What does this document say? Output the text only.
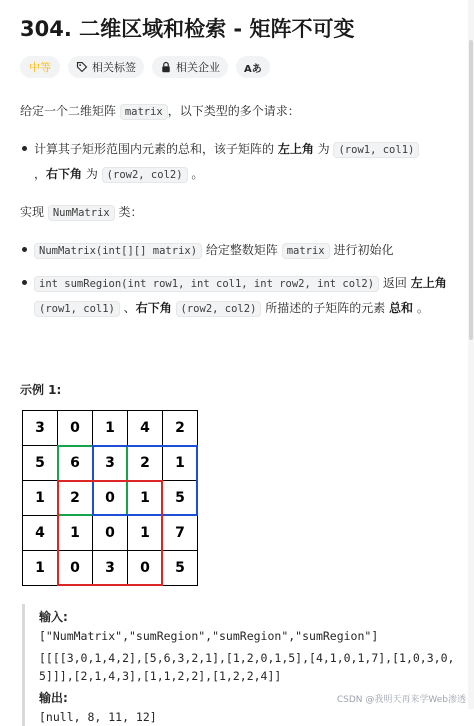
304. 二维区域和检索 - 矩阵不可变
中等	相关标签	相关企业 Aあ

给定一个二维矩阵 matrix ，以下类型的多个请求：

计算其子矩形范围内元素的总和，该子矩阵的 左上角 为 (row1, col1)
，右下角 为 (row2, col2) 。

实现 NumMatrix 类：

NumMatrix(int[][] matrix) 给定整数矩阵 matrix 进行初始化
int sumRegion(int row1, int col1, int row2, int col2) 返回 左上角 (row1, col1) 、右下角 (row2, col2) 所描述的子矩阵的元素 总和 。
示例 1:
3	0	1	4	2
5	6	3	2	1
1	2	0	1	5
4	1	0	1	7
1	0	3	0	5
输入:
["NumMatrix","sumRegion","sumRegion","sumRegion"]
[[[[3,0,1,4,2],[5,6,3,2,1],[1,2,0,1,5],[4,1,0,1,7],[1,0,3,0,5]]],[2,1,4,3],[1,1,2,2],[1,2,2,4]]
输出:
[null, 8, 11, 12]
CSDN @我明天再来学Web渗透
